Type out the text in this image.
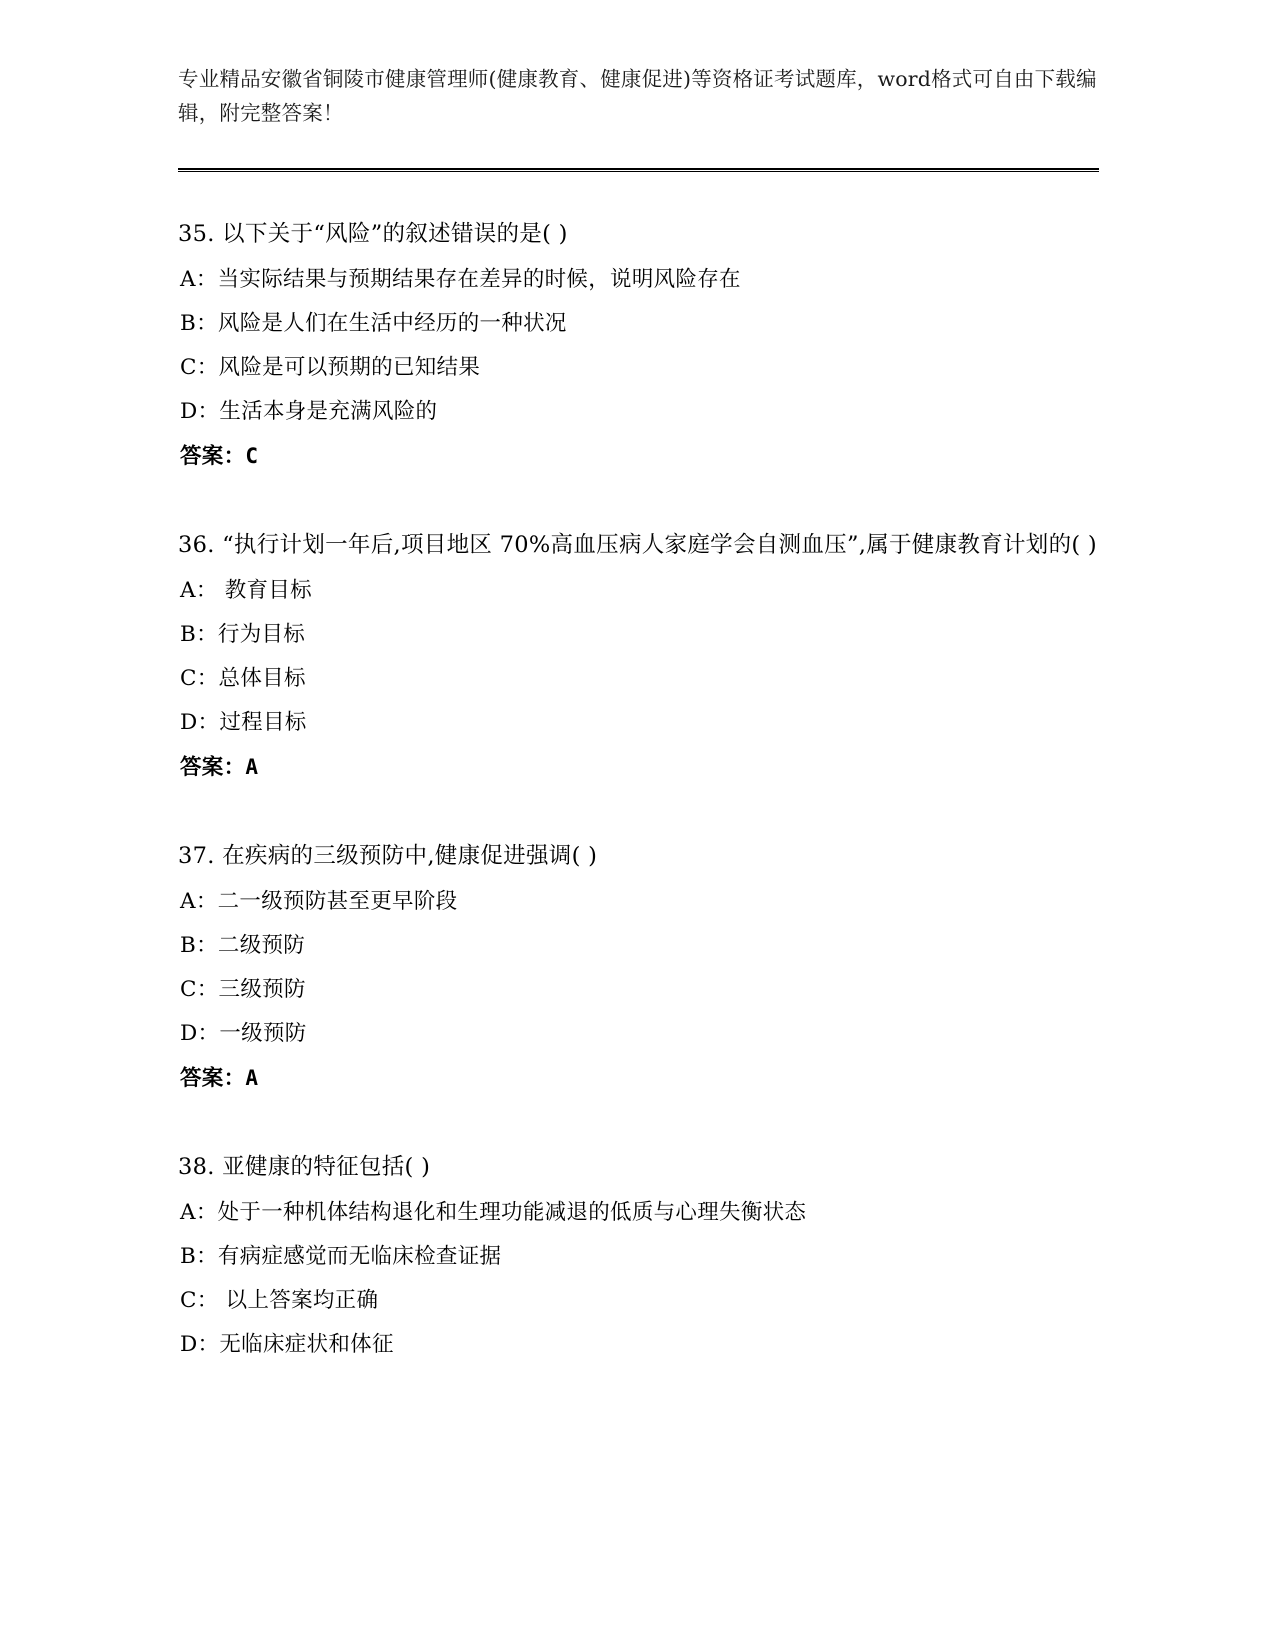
专业精品安徽省铜陵市健康管理师(健康教育、健康促进)等资格证考试题库，word格式可自由下载编辑，附完整答案！
35. 以下关于“风险”的叙述错误的是( )
A：当实际结果与预期结果存在差异的时候，说明风险存在
B：风险是人们在生活中经历的一种状况
C：风险是可以预期的已知结果
D：生活本身是充满风险的
答案：C
36. “执行计划一年后,项目地区 70%高血压病人家庭学会自测血压”,属于健康教育计划的( )
A： 教育目标
B：行为目标
C：总体目标
D：过程目标
答案：A
37. 在疾病的三级预防中,健康促进强调( )
A：二一级预防甚至更早阶段
B：二级预防
C：三级预防
D：一级预防
答案：A
38. 亚健康的特征包括( )
A：处于一种机体结构退化和生理功能减退的低质与心理失衡状态
B：有病症感觉而无临床检查证据
C： 以上答案均正确
D：无临床症状和体征
